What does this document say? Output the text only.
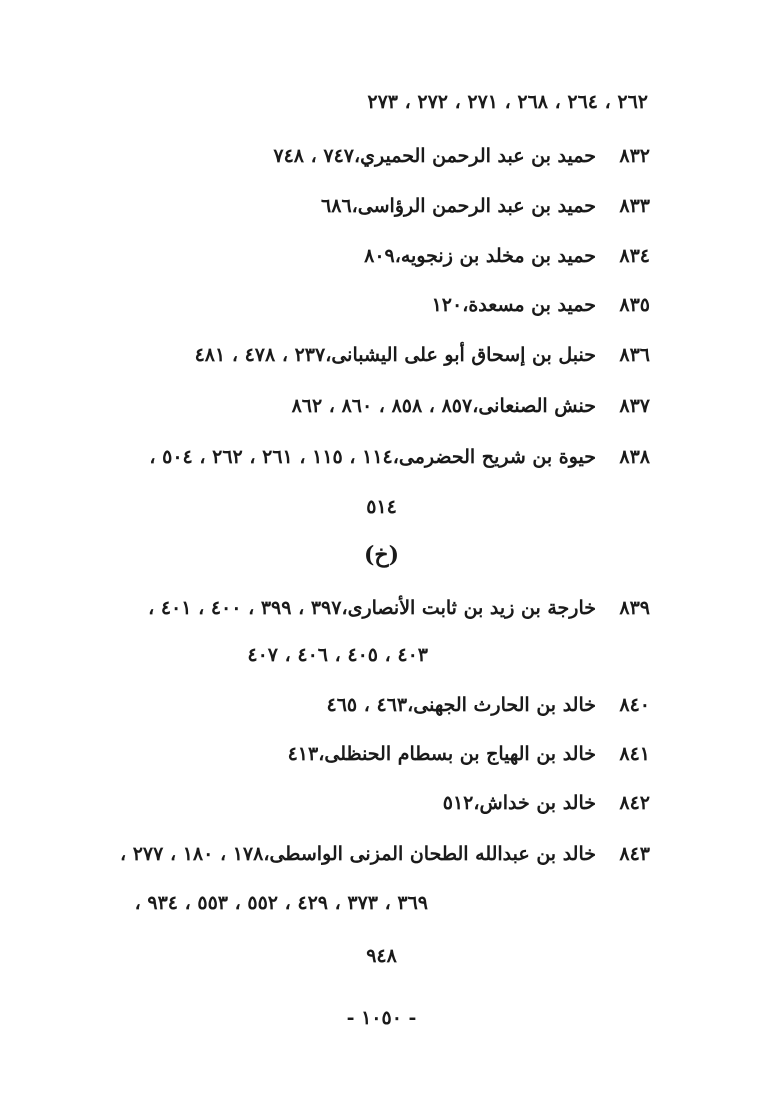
٢٦٢ ، ٢٦٤ ، ٢٦٨ ، ٢٧١ ، ٢٧٢ ، ٢٧٣
٨٣٢حميد بن عبد الرحمن الحميري،٧٤٧ ، ٧٤٨
٨٣٣حميد بن عبد الرحمن الرؤاسى،٦٨٦
٨٣٤حميد بن مخلد بن زنجويه،٨٠٩
٨٣٥حميد بن مسعدة،١٢٠
٨٣٦حنبل بن إسحاق أبو على اليشبانى،٢٣٧ ، ٤٧٨ ، ٤٨١
٨٣٧حنش الصنعانى،٨٥٧ ، ٨٥٨ ، ٨٦٠ ، ٨٦٢
٨٣٨حيوة بن شريح الحضرمى،١١٤ ، ١١٥ ، ٢٦١ ، ٢٦٢ ، ٥٠٤ ،
٥١٤
(خ)
٨٣٩خارجة بن زيد بن ثابت الأنصارى،٣٩٧ ، ٣٩٩ ، ٤٠٠ ، ٤٠١ ،
٤٠٣ ، ٤٠٥ ، ٤٠٦ ، ٤٠٧
٨٤٠خالد بن الحارث الجهنى،٤٦٣ ، ٤٦٥
٨٤١خالد بن الهياج بن بسطام الحنظلى،٤١٣
٨٤٢خالد بن خداش،٥١٢
٨٤٣خالد بن عبدالله الطحان المزنى الواسطى،١٧٨ ، ١٨٠ ، ٢٧٧ ،
٣٦٩ ، ٣٧٣ ، ٤٢٩ ، ٥٥٢ ، ٥٥٣ ، ٩٣٤ ،
٩٤٨
- ١٠٥٠ -
